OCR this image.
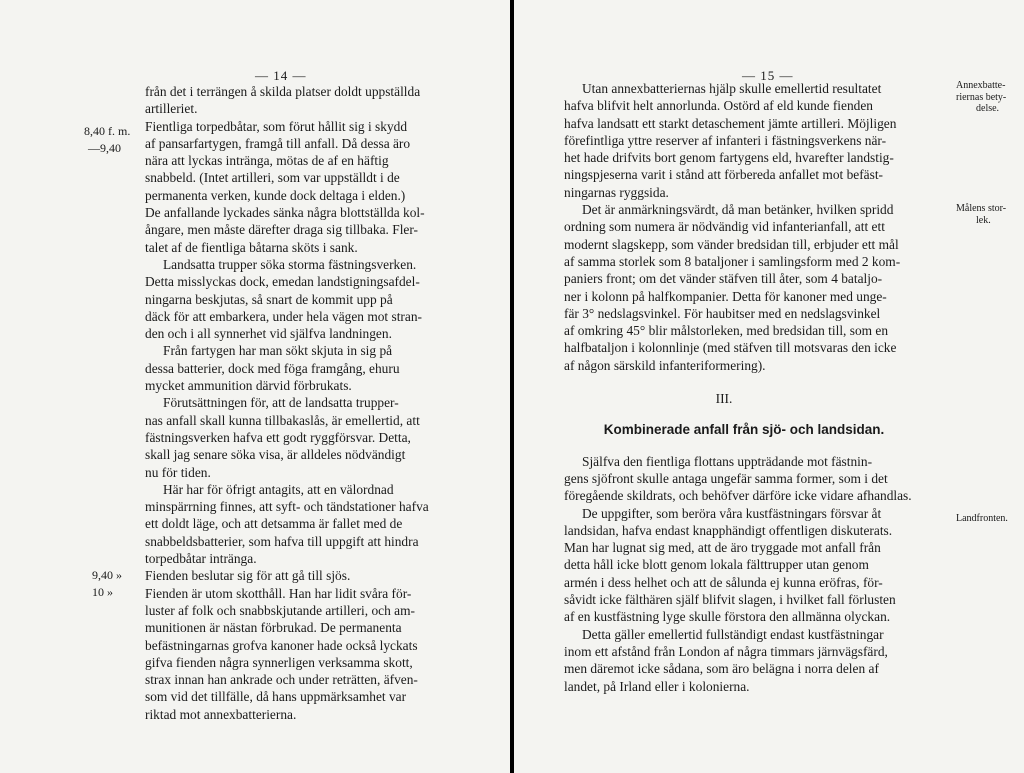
— 14 —
8,40 f. m.
—9,40
9,40 »
10 »
från det i terrängen å skilda platser doldt uppställda
artilleriet.
Fientliga torpedbåtar, som förut hållit sig i skydd
af pansarfartygen, framgå till anfall. Då dessa äro
nära att lyckas intränga, mötas de af en häftig
snabbeld. (Intet artilleri, som var uppställdt i de
permanenta verken, kunde dock deltaga i elden.)
De anfallande lyckades sänka några blottställda kol-
ångare, men måste därefter draga sig tillbaka. Fler-
talet af de fientliga båtarna sköts i sank.
Landsatta trupper söka storma fästningsverken.
Detta misslyckas dock, emedan landstigningsafdel-
ningarna beskjutas, så snart de kommit upp på
däck för att embarkera, under hela vägen mot stran-
den och i all synnerhet vid själfva landningen.
Från fartygen har man sökt skjuta in sig på
dessa batterier, dock med föga framgång, ehuru
mycket ammunition därvid förbrukats.
Förutsättningen för, att de landsatta trupper-
nas anfall skall kunna tillbakaslås, är emellertid, att
fästningsverken hafva ett godt ryggförsvar. Detta,
skall jag senare söka visa, är alldeles nödvändigt
nu för tiden.
Här har för öfrigt antagits, att en välordnad
minspärrning finnes, att syft- och tändstationer hafva
ett doldt läge, och att detsamma är fallet med de
snabbeldsbatterier, som hafva till uppgift att hindra
torpedbåtar intränga.
Fienden beslutar sig för att gå till sjös.
Fienden är utom skotthåll. Han har lidit svåra för-
luster af folk och snabbskjutande artilleri, och am-
munitionen är nästan förbrukad. De permanenta
befästningarnas grofva kanoner hade också lyckats
gifva fienden några synnerligen verksamma skott,
strax innan han ankrade och under reträtten, äfven-
som vid det tillfälle, då hans uppmärksamhet var
riktad mot annexbatterierna.
— 15 —
Annexbatte-
riernas bety-
delse.
Målens stor-
lek.
Landfronten.
Utan annexbatteriernas hjälp skulle emellertid resultatet
hafva blifvit helt annorlunda. Ostörd af eld kunde fienden
hafva landsatt ett starkt detaschement jämte artilleri. Möjligen
förefintliga yttre reserver af infanteri i fästningsverkens när-
het hade drifvits bort genom fartygens eld, hvarefter landstig-
ningspjeserna varit i stånd att förbereda anfallet mot befäst-
ningarnas ryggsida.
Det är anmärkningsvärdt, då man betänker, hvilken spridd
ordning som numera är nödvändig vid infanterianfall, att ett
modernt slagskepp, som vänder bredsidan till, erbjuder ett mål
af samma storlek som 8 bataljoner i samlingsform med 2 kom-
paniers front; om det vänder stäfven till åter, som 4 bataljo-
ner i kolonn på halfkompanier. Detta för kanoner med unge-
fär 3° nedslagsvinkel. För haubitser med en nedslagsvinkel
af omkring 45° blir målstorleken, med bredsidan till, som en
halfbataljon i kolonnlinje (med stäfven till motsvaras den icke
af någon särskild infanteriformering).
III.
Kombinerade anfall från sjö- och landsidan.
Själfva den fientliga flottans uppträdande mot fästnin-
gens sjöfront skulle antaga ungefär samma former, som i det
föregående skildrats, och behöfver därföre icke vidare afhandlas.
De uppgifter, som beröra våra kustfästningars försvar åt
landsidan, hafva endast knapphändigt offentligen diskuterats.
Man har lugnat sig med, att de äro tryggade mot anfall från
detta håll icke blott genom lokala fälttrupper utan genom
armén i dess helhet och att de sålunda ej kunna eröfras, för-
såvidt icke fälthären själf blifvit slagen, i hvilket fall förlusten
af en kustfästning lyge skulle förstora den allmänna olyckan.
Detta gäller emellertid fullständigt endast kustfästningar
inom ett afstånd från London af några timmars järnvägsfärd,
men däremot icke sådana, som äro belägna i norra delen af
landet, på Irland eller i kolonierna.
